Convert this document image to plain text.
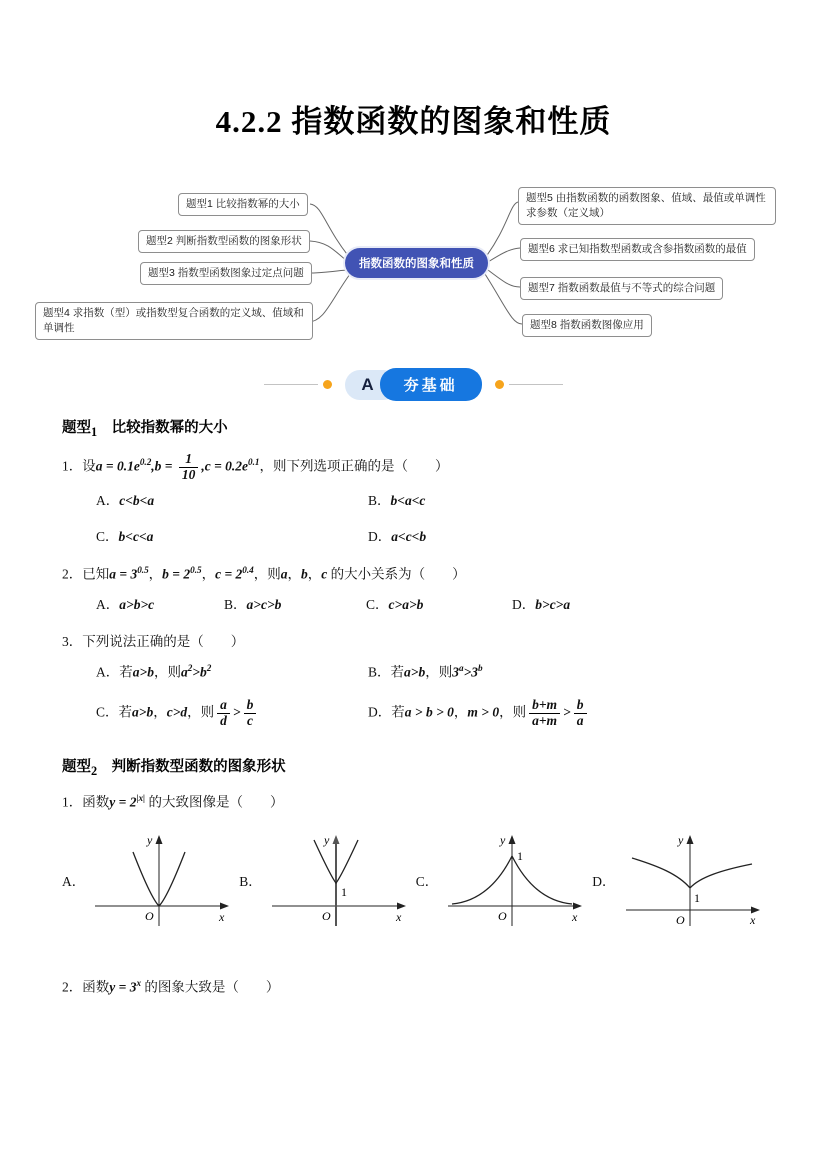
4.2.2 指数函数的图象和性质
题型1 比较指数幂的大小
题型2 判断指数型函数的图象形状
题型3 指数型函数图象过定点问题
题型4 求指数（型）或指数型复合函数的定义域、值域和单调性
指数函数的图象和性质
题型5 由指数函数的函数图象、值域、最值或单调性求参数（定义域）
题型6 求已知指数型函数或含参指数函数的最值
题型7 指数函数最值与不等式的综合问题
题型8 指数函数图像应用
A	夯基础
题型$_1$　比较指数幂的大小

1．设$a = 0.1e^{0.2},b = \frac{1}{10} ,c = 0.2e^{0.1}$，则下列选项正确的是（　　）

A．c<b<a	B．b<a<c
C．b<c<a	D．a<c<b

2．已知$a = 3^{0.5}$，$b = 2^{0.5}$，$c = 2^{0.4}$，则a，b，c 的大小关系为（　　）

A．a>b>c	B．a>c>b	C．c>a>b	D．b>c>a

3．下列说法正确的是（　　）

A．若a>b，则$a^2>b^2$	B．若a>b，则$3^a>3^b$
C．若a>b，c>d，则 $\frac{a}{d} > \frac{b}{c}$	D．若a > b > 0，m > 0，则 $\frac{b+m}{a+m} > \frac{b}{a}$
题型$_2$　判断指数型函数的图象形状

1．函数$y = 2^{|x|}$ 的大致图像是（　　）

A．
y
x
O
B．
1
y
x
O
C．
1
y
x
O
D．
1
y
x
O

2．函数$y = 3^x$ 的图象大致是（　　）
